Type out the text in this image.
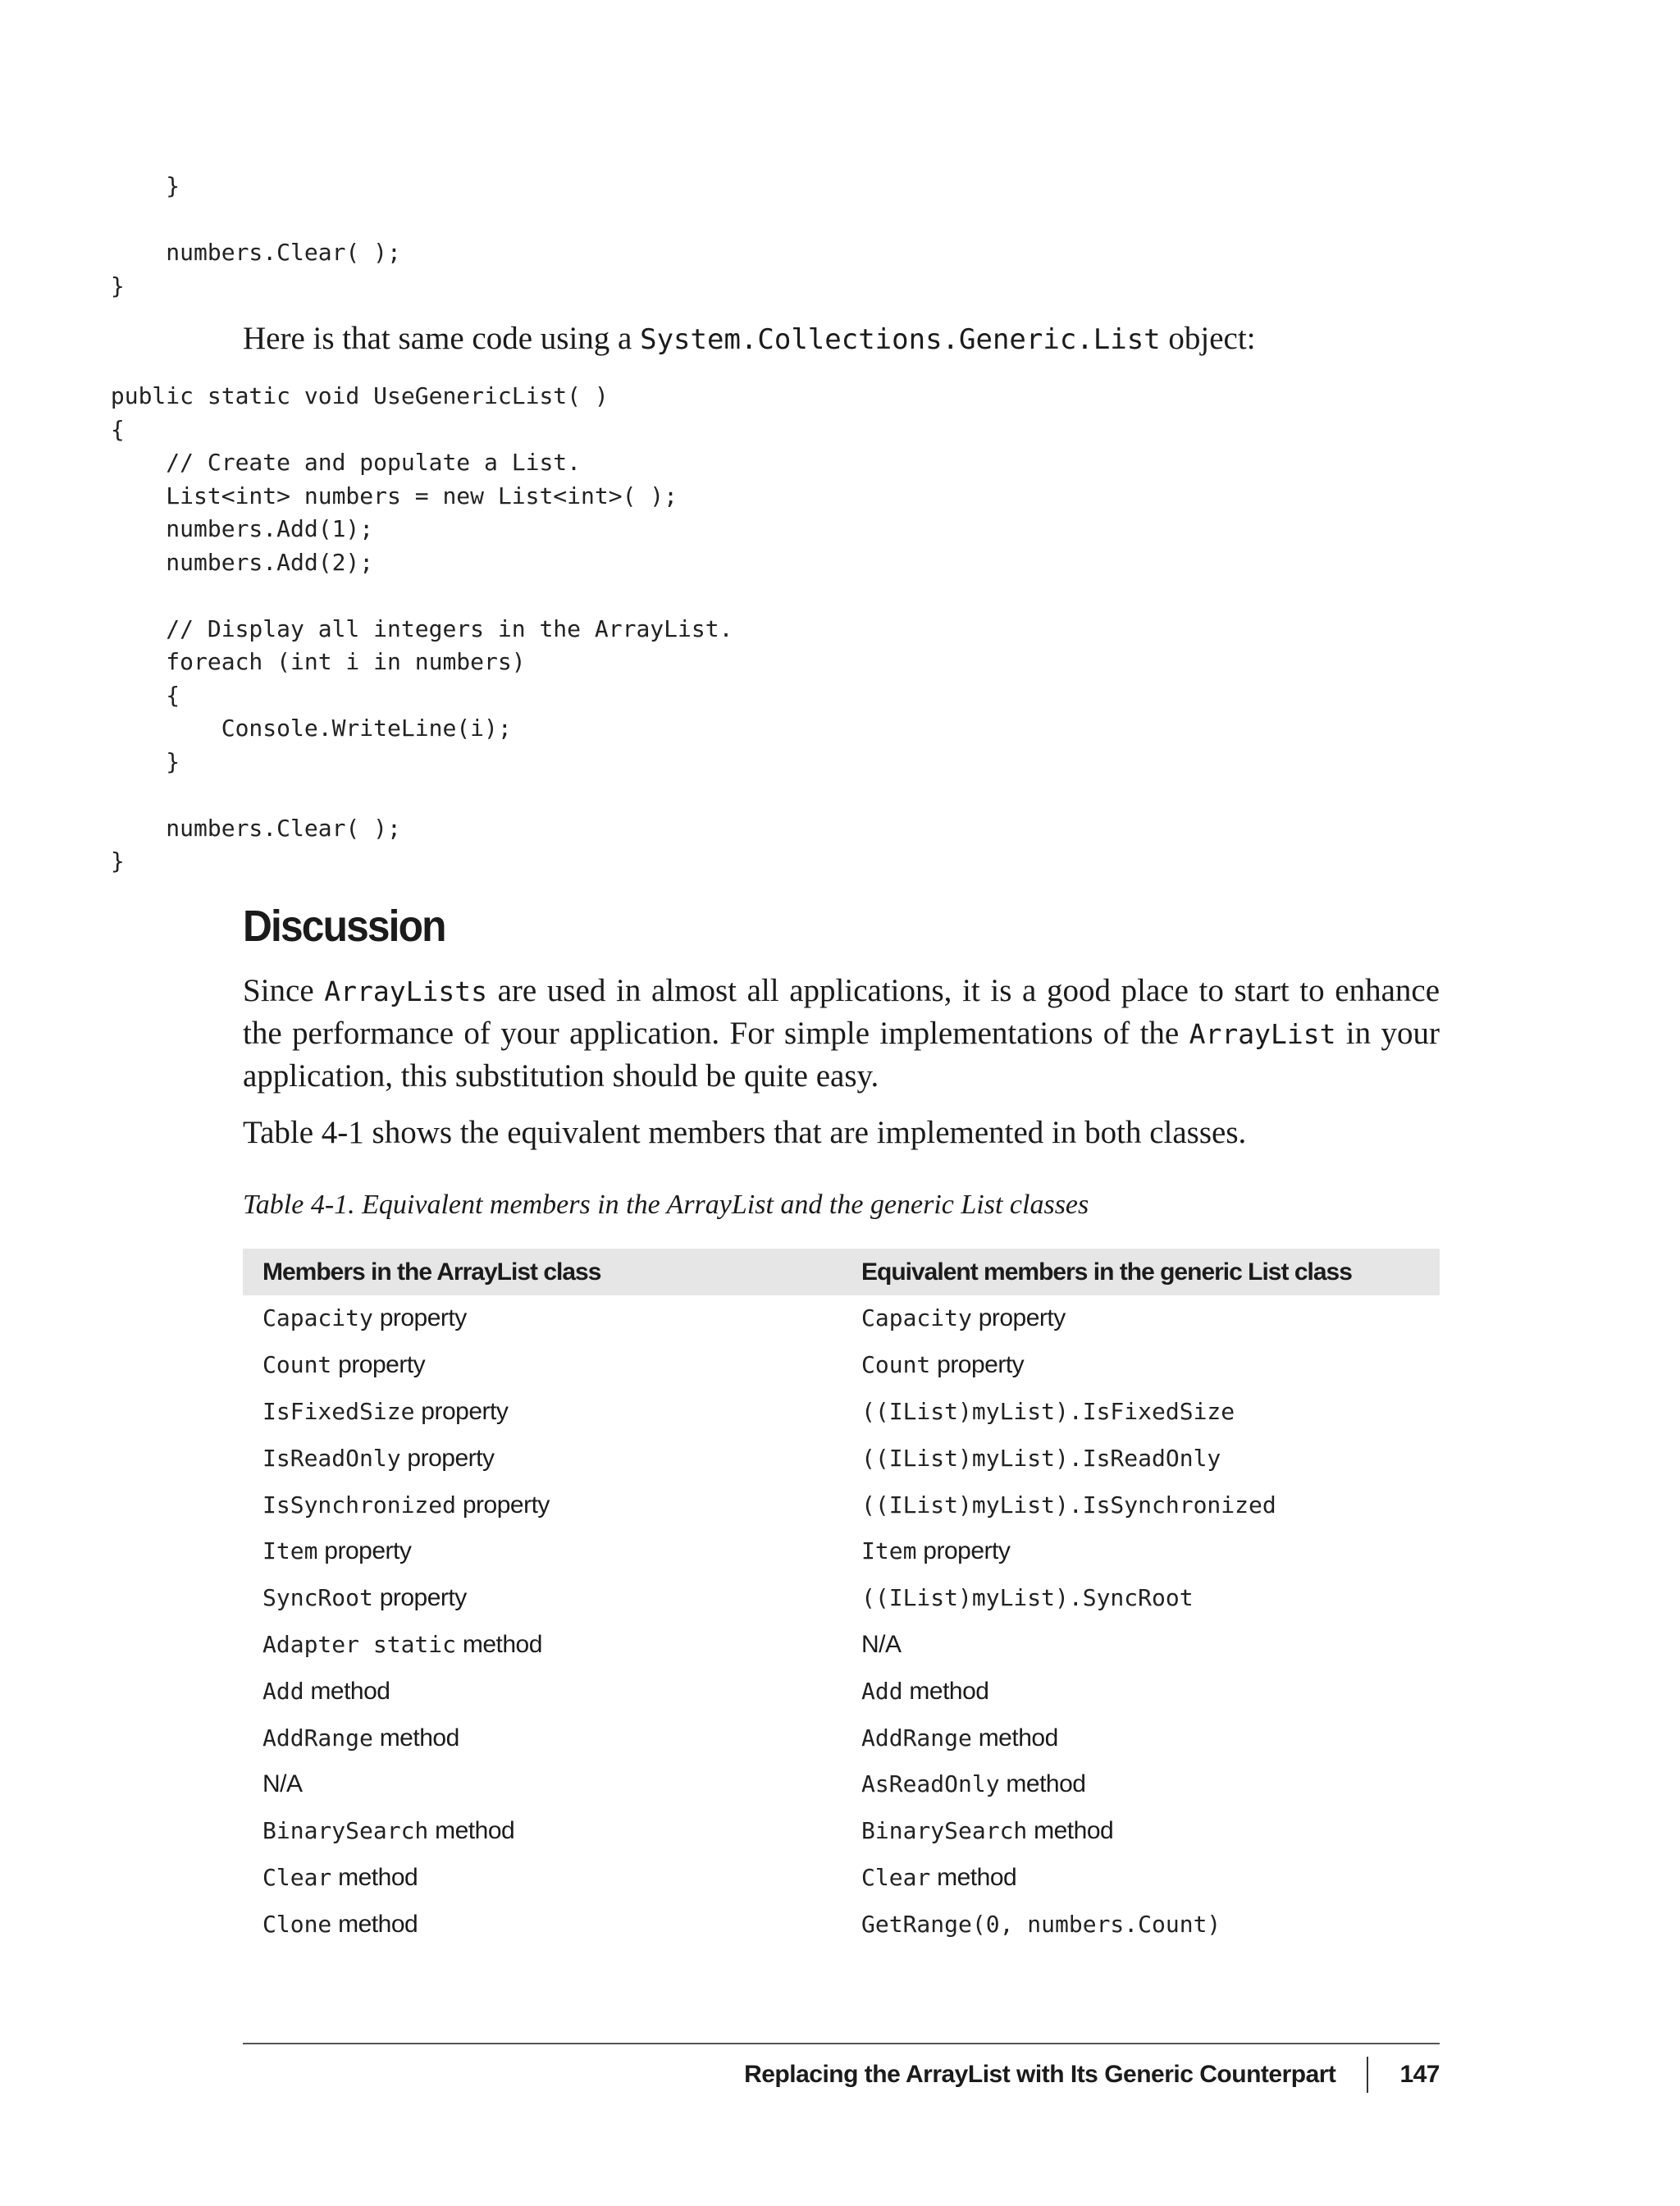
}
numbers.Clear( );
}
Here is that same code using a System.Collections.Generic.List object:
public static void UseGenericList( )
{
// Create and populate a List.
List<int> numbers = new List<int>( );
numbers.Add(1);
numbers.Add(2);
// Display all integers in the ArrayList.
foreach (int i in numbers)
{
Console.WriteLine(i);
}
numbers.Clear( );
}
Discussion

Since ArrayLists are used in almost all applications, it is a good place to start to enhance the performance of your application. For simple implementations of the ArrayList in your application, this substitution should be quite easy.

Table 4-1 shows the equivalent members that are implemented in both classes.

Table 4-1. Equivalent members in the ArrayList and the generic List classes
Members in the ArrayList class	Equivalent members in the generic List class
Capacity property	Capacity property
Count property	Count property
IsFixedSize property	((IList)myList).IsFixedSize
IsReadOnly property	((IList)myList).IsReadOnly
IsSynchronized property	((IList)myList).IsSynchronized
Item property	Item property
SyncRoot property	((IList)myList).SyncRoot
Adapter static method	N/A
Add method	Add method
AddRange method	AddRange method
N/A	AsReadOnly method
BinarySearch method	BinarySearch method
Clear method	Clear method
Clone method	GetRange(0, numbers.Count)
Replacing the ArrayList with Its Generic Counterpart	147
